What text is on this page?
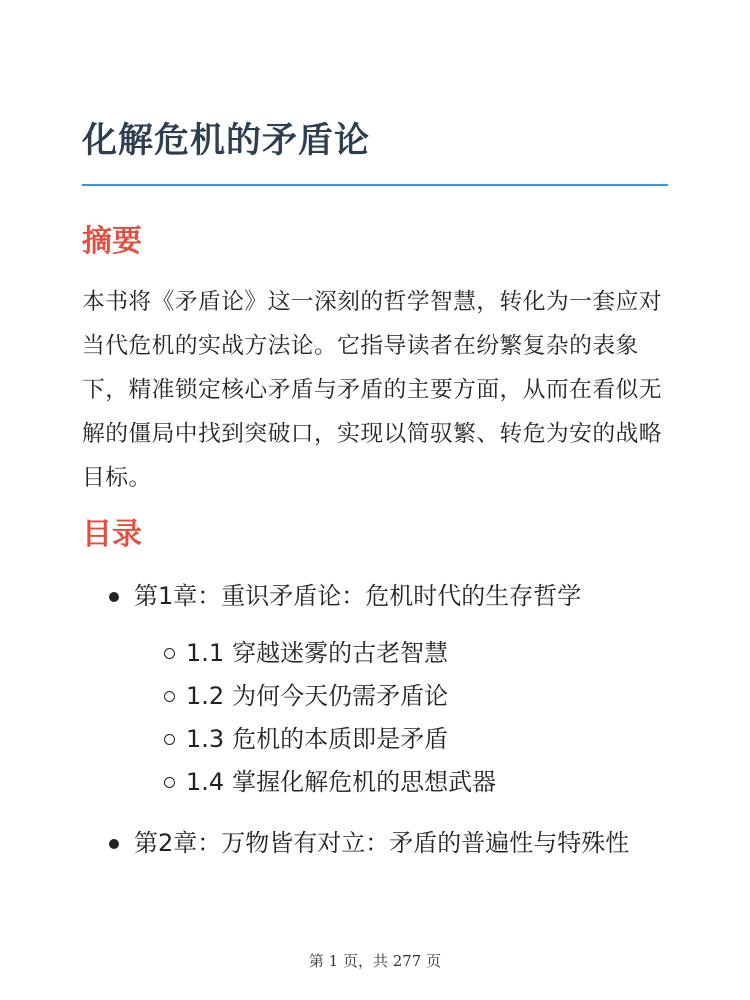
化解危机的矛盾论
摘要

本书将《矛盾论》这一深刻的哲学智慧，转化为一套应对当代危机的实战方法论。它指导读者在纷繁复杂的表象下，精准锁定核心矛盾与矛盾的主要方面，从而在看似无解的僵局中找到突破口，实现以简驭繁、转危为安的战略目标。

目录
第1章：重识矛盾论：危机时代的生存哲学
1.1 穿越迷雾的古老智慧
1.2 为何今天仍需矛盾论
1.3 危机的本质即是矛盾
1.4 掌握化解危机的思想武器
第2章：万物皆有对立：矛盾的普遍性与特殊性
第 1 页，共 277 页
